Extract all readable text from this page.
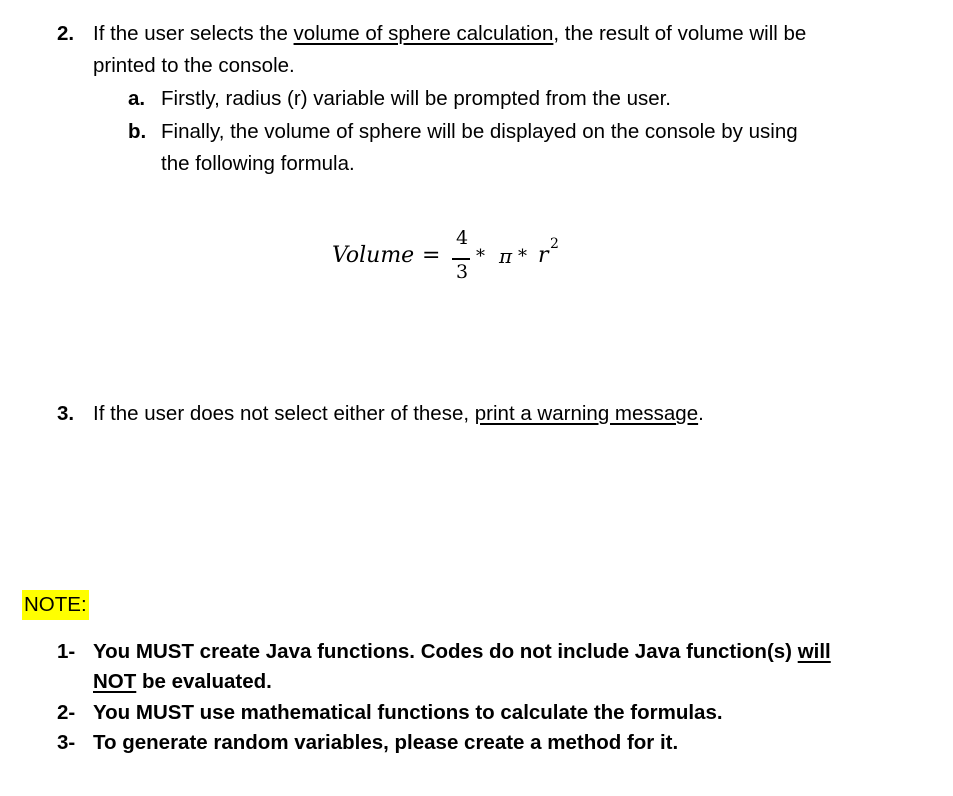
2. If the user selects the volume of sphere calculation, the result of volume will be
printed to the console.
a. Firstly, radius (r) variable will be prompted from the user.
b. Finally, the volume of sphere will be displayed on the console by using
the following formula.
Volume =
4
3
* π * r 2
3. If the user does not select either of these, print a warning message.
NOTE:
1- You MUST create Java functions. Codes do not include Java function(s) will
NOT be evaluated.
2- You MUST use mathematical functions to calculate the formulas.
3- To generate random variables, please create a method for it.
